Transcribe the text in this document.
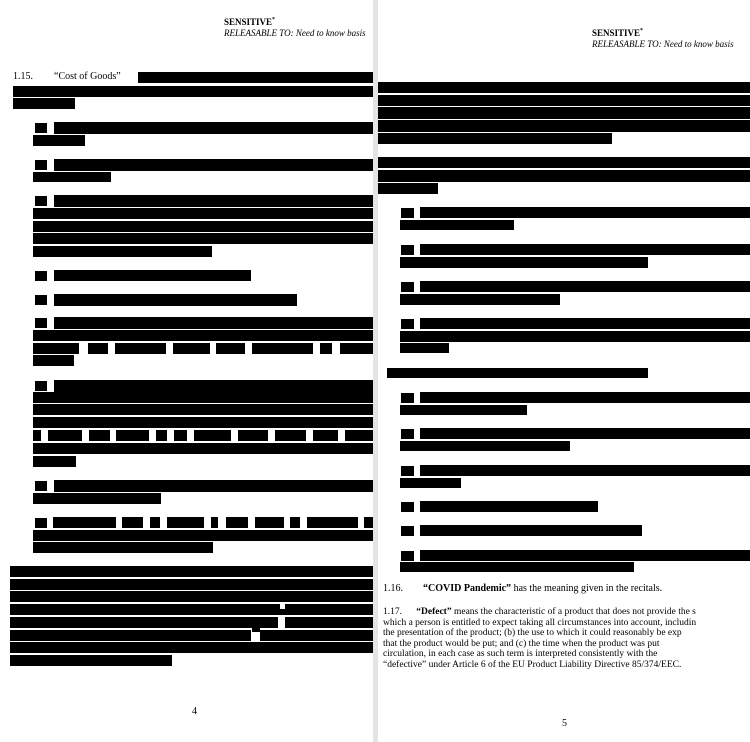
SENSITIVE*
RELEASABLE TO: Need to know basis
1.15. “Cost of Goods”
4
SENSITIVE*
RELEASABLE TO: Need to know basis
1.16. “COVID Pandemic” has the meaning given in the recitals.
1.17. “Defect” means the characteristic of a product that does not provide the s
which a person is entitled to expect taking all circumstances into account, includin
the presentation of the product; (b) the use to which it could reasonably be exp
that the product would be put; and (c) the time when the product was put
circulation, in each case as such term is interpreted consistently with the
“defective” under Article 6 of the EU Product Liability Directive 85/374/EEC.
5
